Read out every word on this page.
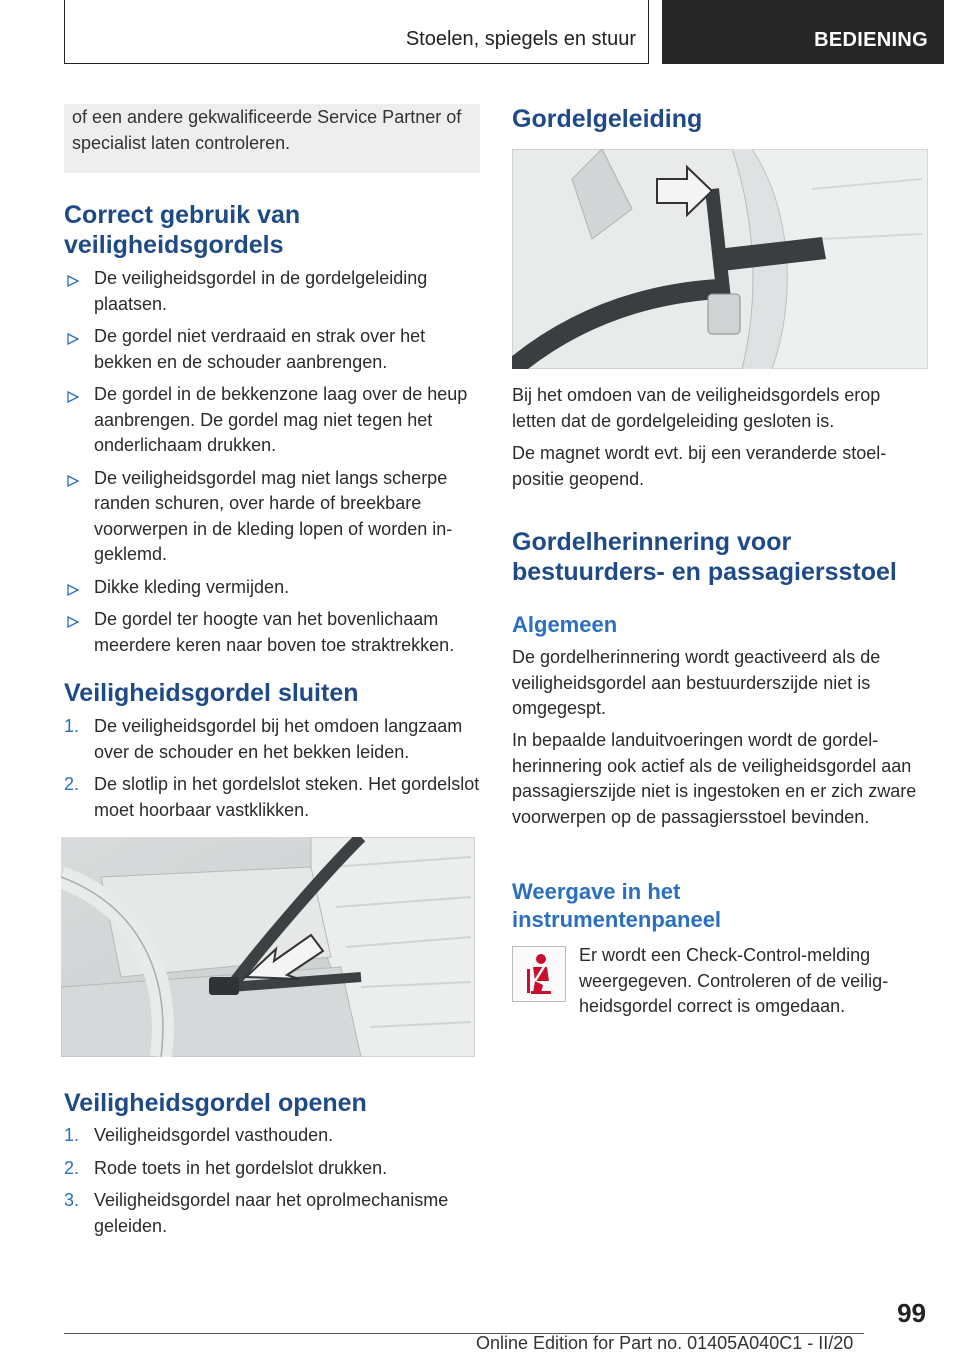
Stoelen, spiegels en stuur	BEDIENING

of een andere gekwalificeerde Service Partner of specialist laten controleren.

Correct gebruik van veiligheidsgordels
De veiligheidsgordel in de gordelgeleiding plaatsen.
De gordel niet verdraaid en strak over het bekken en de schouder aanbrengen.
De gordel in de bekkenzone laag over de heup aanbrengen. De gordel mag niet tegen het onderlichaam drukken.
De veiligheidsgordel mag niet langs scherpe randen schuren, over harde of breekbare voorwerpen in de kleding lopen of worden ingeklemd.
Dikke kleding vermijden.
De gordel ter hoogte van het bovenlichaam meerdere keren naar boven toe straktrekken.
Veiligheidsgordel sluiten
1. De veiligheidsgordel bij het omdoen langzaam over de schouder en het bekken leiden.
2. De slotlip in het gordelslot steken. Het gordelslot moet hoorbaar vastklikken.
Veiligheidsgordel openen
1. Veiligheidsgordel vasthouden.
2. Rode toets in het gordelslot drukken.
3. Veiligheidsgordel naar het oprolmechanisme geleiden.
Gordelgeleiding

Bij het omdoen van de veiligheidsgordels erop letten dat de gordelgeleiding gesloten is.

De magnet wordt evt. bij een veranderde stoelpositie geopend.

Gordelherinnering voor bestuurders- en passagiersstoel
Algemeen

De gordelherinnering wordt geactiveerd als de veiligheidsgordel aan bestuurderszijde niet is omgegespt.

In bepaalde landuitvoeringen wordt de gordelherinnering ook actief als de veiligheidsgordel aan passagierszijde niet is ingestoken en er zich zware voorwerpen op de passagiersstoel bevinden.

Weergave in het instrumentenpaneel

Er wordt een Check-Control-melding weergegeven. Controleren of de veiligheidsgordel correct is omgedaan.

99
Online Edition for Part no. 01405A040C1 - II/20
